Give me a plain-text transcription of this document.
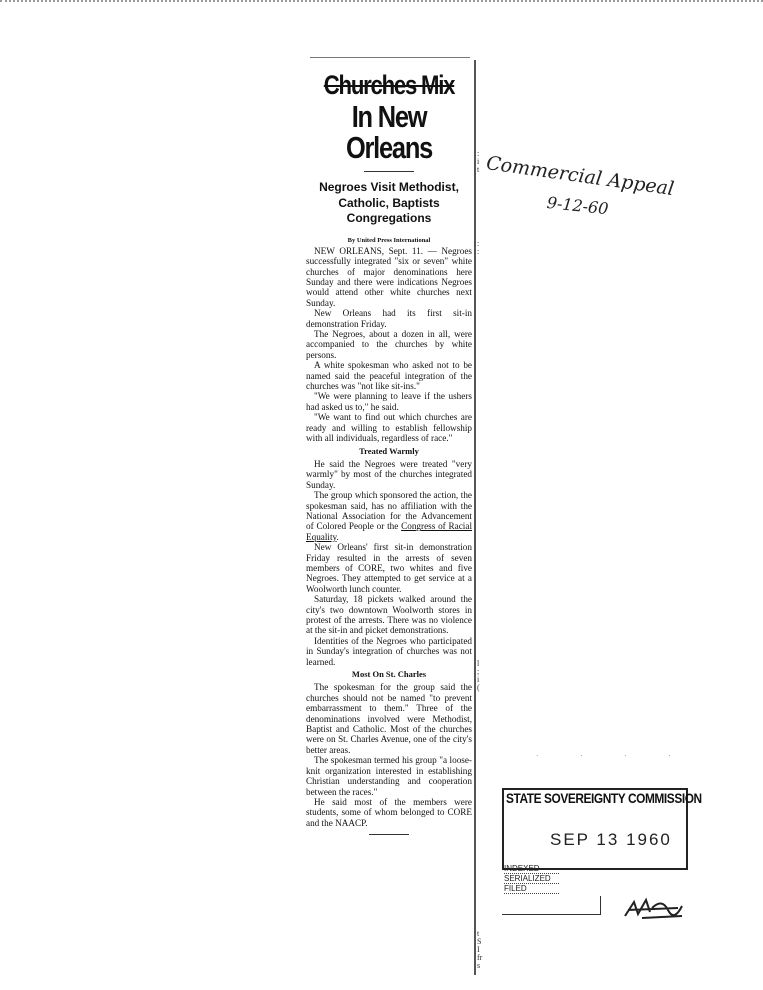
Churches Mix
In New Orleans
Negroes Visit Methodist, Catholic, Baptists Congregations
By United Press International

NEW ORLEANS, Sept. 11. — Negroes successfully integrated "six or seven" white churches of major denominations here Sunday and there were indications Negroes would attend other white churches next Sunday.

New Orleans had its first sit-in demonstration Friday.

The Negroes, about a dozen in all, were accompanied to the churches by white persons.

A white spokesman who asked not to be named said the peaceful integration of the churches was "not like sit-ins."

"We were planning to leave if the ushers had asked us to," he said.

"We want to find out which churches are ready and willing to establish fellowship with all individuals, regardless of race."

Treated Warmly

He said the Negroes were treated "very warmly" by most of the churches integrated Sunday.

The group which sponsored the action, the spokesman said, has no affiliation with the National Association for the Advancement of Colored People or the Congress of Racial Equality.

New Orleans' first sit-in demonstration Friday resulted in the arrests of seven members of CORE, two whites and five Negroes. They attempted to get service at a Woolworth lunch counter.

Saturday, 18 pickets walked around the city's two downtown Woolworth stores in protest of the arrests. There was no violence at the sit-in and picket demonstrations.

Identities of the Negroes who participated in Sunday's integration of churches was not learned.

Most On St. Charles

The spokesman for the group said the churches should not be named "to prevent embarrassment to them." Three of the denominations involved were Methodist, Baptist and Catholic. Most of the churches were on St. Charles Avenue, one of the city's better areas.

The spokesman termed his group "a loose-knit organization interested in establishing Christian understanding and cooperation between the races."

He said most of the members were students, some of whom belonged to CORE and the NAACP.

:
i
t
:
:
l
;
i
(
t
S
I
fr
s
Commercial Appeal
9-12-60
· · · ·
STATE SOVEREIGNTY COMMISSION
SEP 13 1960
INDEXED
SERIALIZED
FILED
